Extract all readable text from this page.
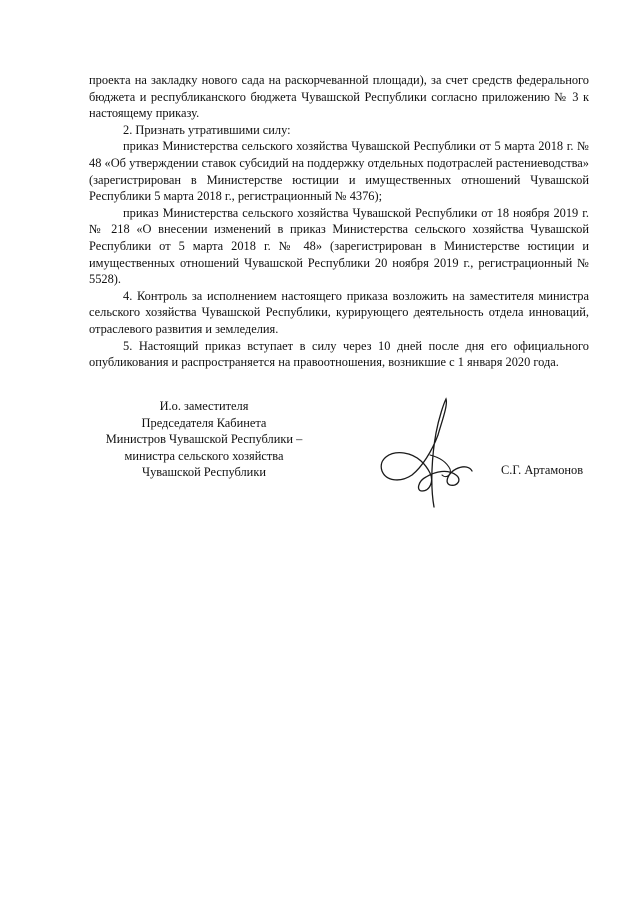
проекта на закладку нового сада на раскорчеванной площади), за счет средств федерального бюджета и республиканского бюджета Чувашской Республики согласно приложению № 3 к настоящему приказу.

2. Признать утратившими силу:

приказ Министерства сельского хозяйства Чувашской Республики от 5 марта 2018 г. № 48 «Об утверждении ставок субсидий на поддержку отдельных подотраслей растениеводства» (зарегистрирован в Министерстве юстиции и имущественных отношений Чувашской Республики 5 марта 2018 г., регистрационный № 4376);

приказ Министерства сельского хозяйства Чувашской Республики от 18 ноября 2019 г. № 218 «О внесении изменений в приказ Министерства сельского хозяйства Чувашской Республики от 5 марта 2018 г. № 48» (зарегистрирован в Министерстве юстиции и имущественных отношений Чувашской Республики 20 ноября 2019 г., регистрационный № 5528).

4. Контроль за исполнением настоящего приказа возложить на заместителя министра сельского хозяйства Чувашской Республики, курирующего деятельность отдела инноваций, отраслевого развития и земледелия.

5. Настоящий приказ вступает в силу через 10 дней после дня его официального опубликования и распространяется на правоотношения, возникшие с 1 января 2020 года.

И.о. заместителя
Председателя Кабинета
Министров Чувашской Республики –
министра сельского хозяйства
Чувашской Республики	С.Г. Артамонов
